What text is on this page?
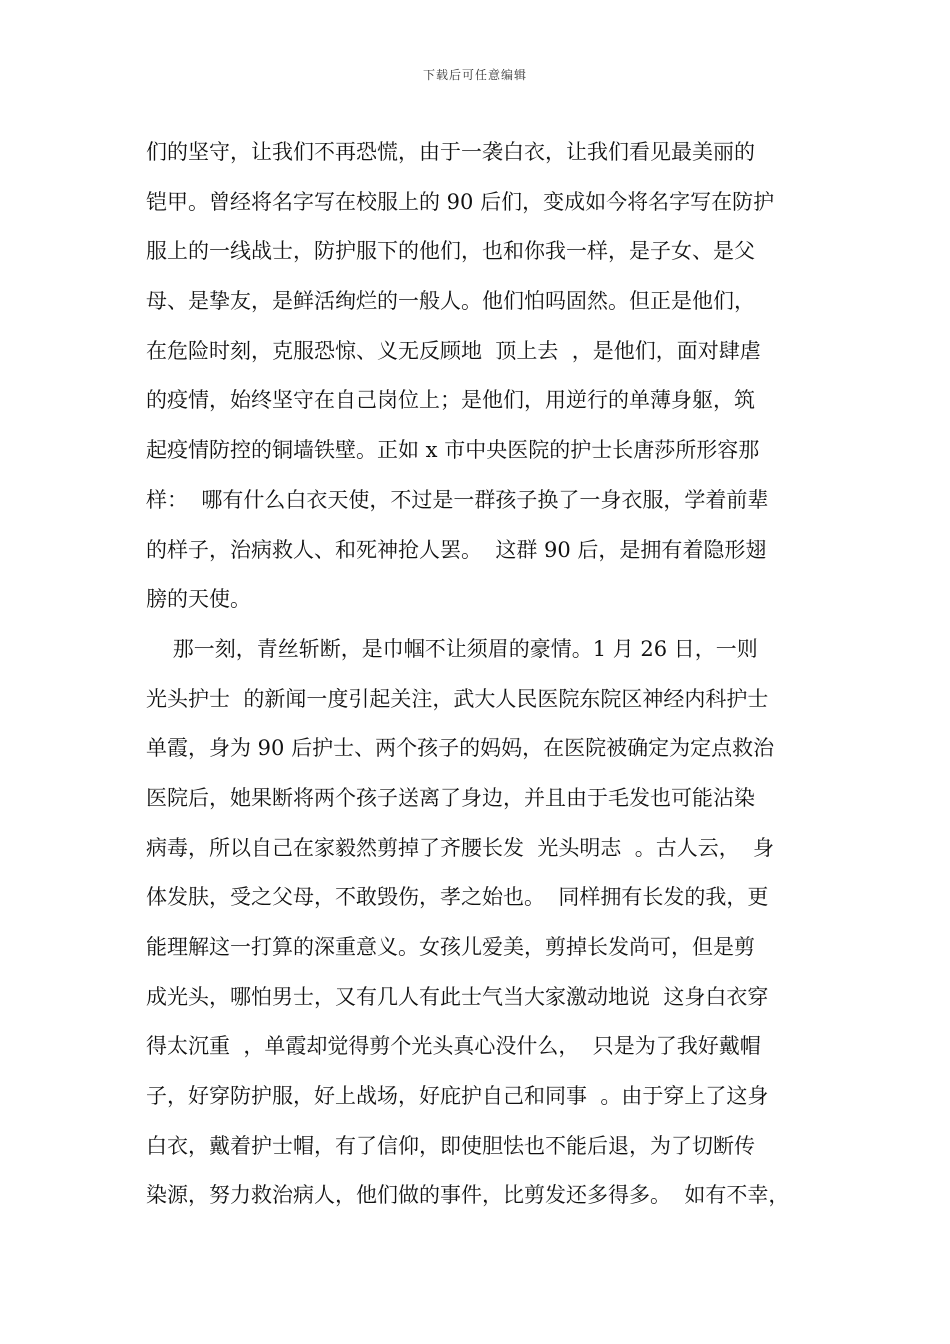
下载后可任意编辑
们的坚守，让我们不再恐慌，由于一袭白衣，让我们看见最美丽的
铠甲。曾经将名字写在校服上的 90 后们，变成如今将名字写在防护
服上的一线战士，防护服下的他们，也和你我一样，是子女、是父
母、是挚友，是鲜活绚烂的一般人。他们怕吗固然。但正是他们，
在危险时刻，克服恐惊、义无反顾地  顶上去  ，是他们，面对肆虐
的疫情，始终坚守在自己岗位上；是他们，用逆行的单薄身躯，筑
起疫情防控的铜墙铁壁。正如 x 市中央医院的护士长唐莎所形容那
样：  哪有什么白衣天使，不过是一群孩子换了一身衣服，学着前辈
的样子，治病救人、和死神抢人罢。  这群 90 后，是拥有着隐形翅
膀的天使。
那一刻，青丝斩断，是巾帼不让须眉的豪情。1 月 26 日，一则
光头护士  的新闻一度引起关注，武大人民医院东院区神经内科护士
单霞，身为 90 后护士、两个孩子的妈妈，在医院被确定为定点救治
医院后，她果断将两个孩子送离了身边，并且由于毛发也可能沾染
病毒，所以自己在家毅然剪掉了齐腰长发  光头明志  。古人云，  身
体发肤，受之父母，不敢毁伤，孝之始也。  同样拥有长发的我，更
能理解这一打算的深重意义。女孩儿爱美，剪掉长发尚可，但是剪
成光头，哪怕男士，又有几人有此士气当大家激动地说  这身白衣穿
得太沉重  ，单霞却觉得剪个光头真心没什么，  只是为了我好戴帽
子，好穿防护服，好上战场，好庇护自己和同事  。由于穿上了这身
白衣，戴着护士帽，有了信仰，即使胆怯也不能后退，为了切断传
染源，努力救治病人，他们做的事件，比剪发还多得多。  如有不幸，
